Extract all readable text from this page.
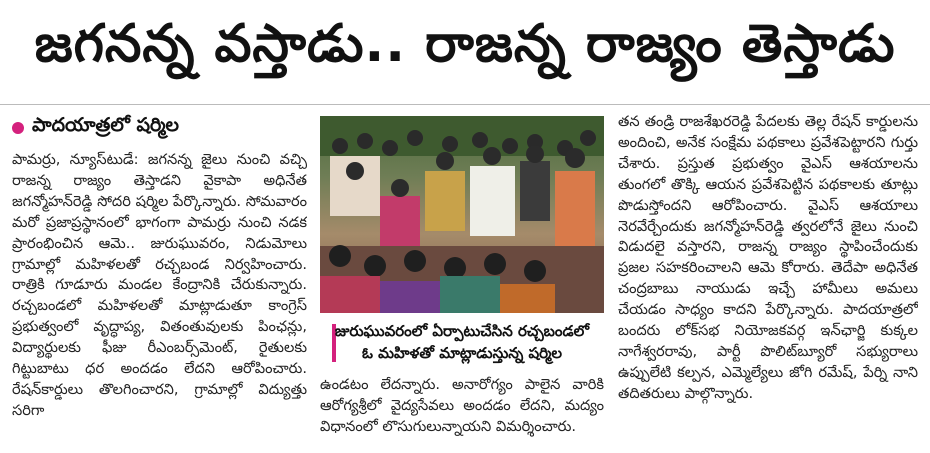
జగనన్న వస్తాడు.. రాజన్న రాజ్యం తెస్తాడు
పాదయాత్రలో షర్మిల

పామర్రు, న్యూస్‌టుడే: జగనన్న జైలు నుంచి వచ్చి రాజన్న రాజ్యం తెస్తాడని వైకాపా అధినేత జగన్మోహన్‌రెడ్డి సోదరి షర్మిల పేర్కొన్నారు. సోమవారం మరో ప్రజాప్రస్థానంలో భాగంగా పామర్రు నుంచి నడక ప్రారంభించిన ఆమె.. జురుఘువరం, నిడుమోలు గ్రామాల్లో మహిళలతో రచ్చబండ నిర్వహించారు. రాత్రికి గూడూరు మండల కేంద్రానికి చేరుకున్నారు. రచ్చబండలో మహిళలతో మాట్లాడుతూ కాంగ్రెస్ ప్రభుత్వంలో వృద్ధాప్య, వితంతువులకు పింఛన్లు, విద్యార్థులకు ఫీజు రీఎంబర్స్‌మెంట్, రైతులకు గిట్టుబాటు ధర అందడం లేదని ఆరోపించారు. రేషన్‌కార్డులు తొలగించారని, గ్రామాల్లో విద్యుత్తు సరిగా

జురుఘువరంలో ఏర్పాటుచేసిన రచ్చబండలో
ఓ మహిళతో మాట్లాడుస్తున్న షర్మిల

ఉండటం లేదన్నారు. అనారోగ్యం పాలైన వారికి ఆరోగ్యశ్రీలో వైద్యసేవలు అందడం లేదని, మద్యం విధానంలో లొసుగులున్నాయని విమర్శించారు.

తన తండ్రి రాజశేఖరరెడ్డి పేదలకు తెల్ల రేషన్ కార్డులను అందించి, అనేక సంక్షేమ పథకాలు ప్రవేశపెట్టారని గుర్తు చేశారు. ప్రస్తుత ప్రభుత్వం వైఎస్ ఆశయాలను తుంగలో తొక్కి ఆయన ప్రవేశపెట్టిన పథకాలకు తూట్లు పొడుస్తోందని ఆరోపించారు. వైఎస్ ఆశయాలు నెరవేర్చేందుకు జగన్మోహన్‌రెడ్డి త్వరలోనే జైలు నుంచి విడుదలై వస్తారని, రాజన్న రాజ్యం స్థాపించేందుకు ప్రజల సహకరించాలని ఆమె కోరారు. తెదేపా అధినేత చంద్రబాబు నాయుడు ఇచ్చే హామీలు అమలు చేయడం సాధ్యం కాదని పేర్కొన్నారు. పాదయాత్రలో బందరు లోక్‌సభ నియోజకవర్గ ఇన్‌ఛార్జి కుక్కల నాగేశ్వరరావు, పార్టీ పొలిట్‌బ్యూరో సభ్యురాలు ఉప్పులేటి కల్పన, ఎమ్మెల్యేలు జోగి రమేష్, పేర్ని నాని తదితరులు పాల్గొన్నారు.
